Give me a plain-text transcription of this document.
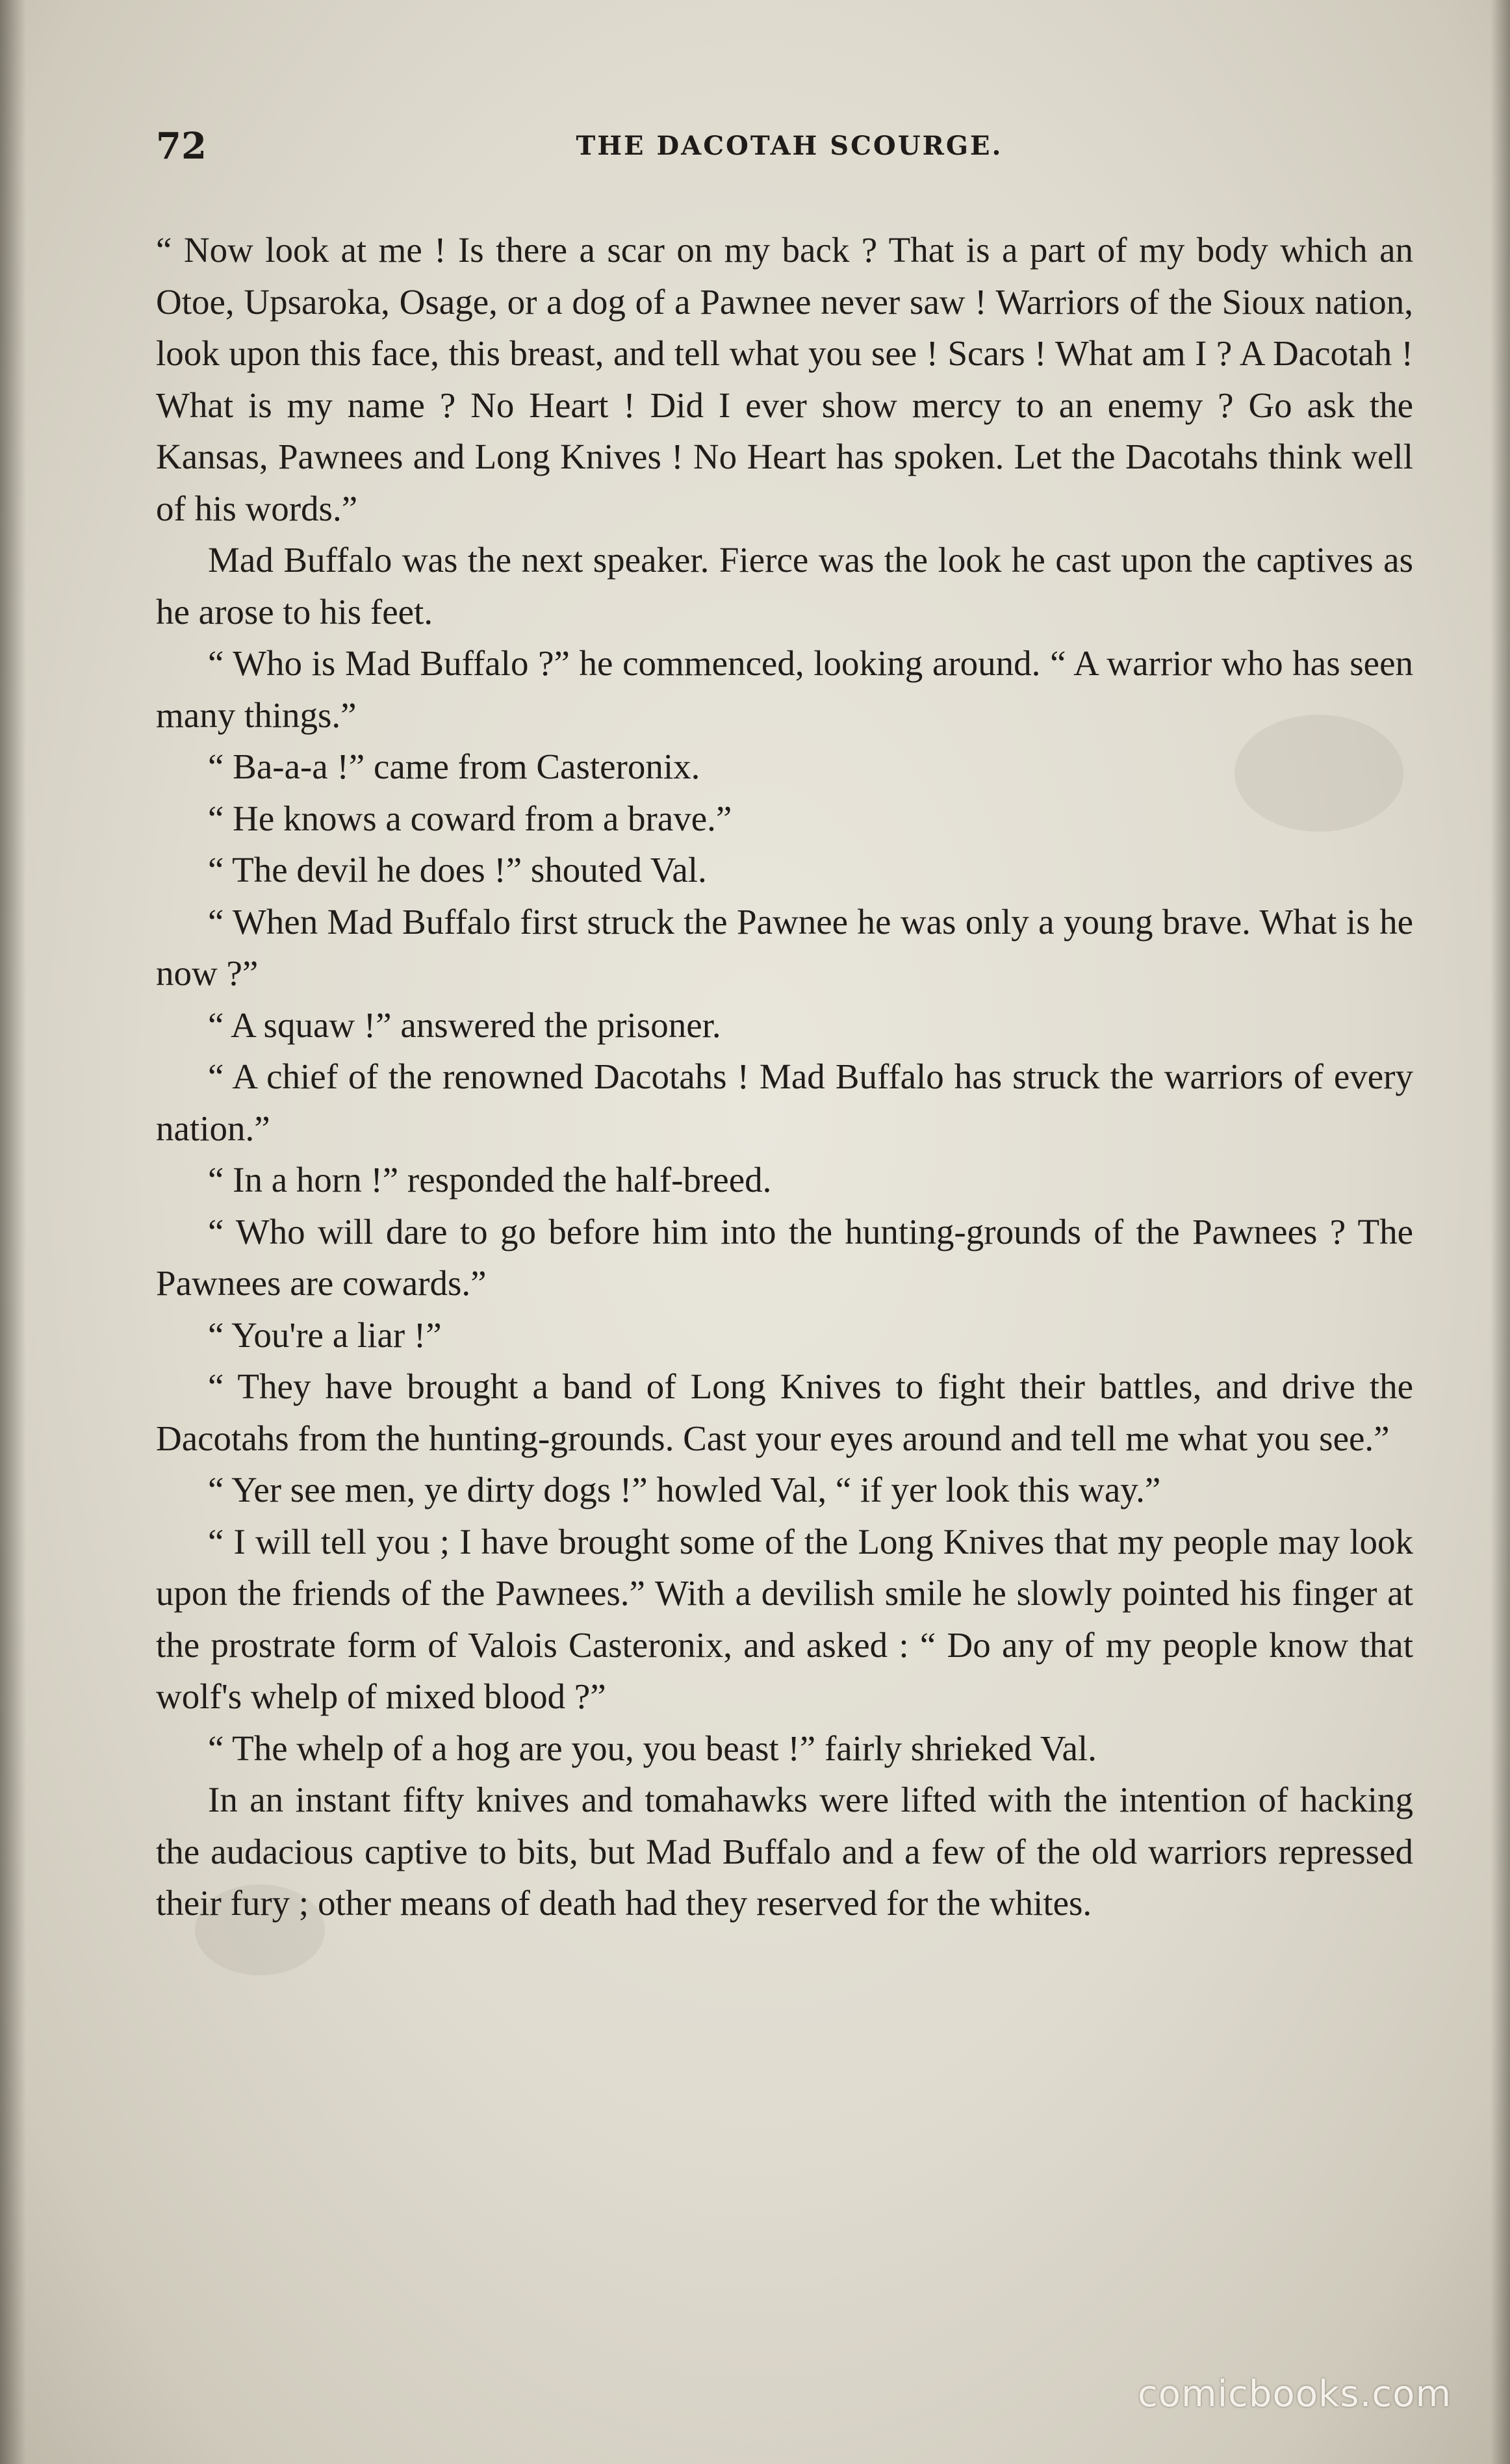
72	THE DACOTAH SCOURGE.

“ Now look at me ! Is there a scar on my back ? That is a part of my body which an Otoe, Upsaroka, Osage, or a dog of a Pawnee never saw ! Warriors of the Sioux nation, look upon this face, this breast, and tell what you see ! Scars ! What am I ? A Dacotah ! What is my name ? No Heart ! Did I ever show mercy to an enemy ? Go ask the Kansas, Pawnees and Long Knives ! No Heart has spoken. Let the Dacotahs think well of his words.”

Mad Buffalo was the next speaker. Fierce was the look he cast upon the captives as he arose to his feet.

“ Who is Mad Buffalo ?” he commenced, looking around. “ A warrior who has seen many things.”

“ Ba-a-a !” came from Casteronix.

“ He knows a coward from a brave.”

“ The devil he does !” shouted Val.

“ When Mad Buffalo first struck the Pawnee he was only a young brave. What is he now ?”

“ A squaw !” answered the prisoner.

“ A chief of the renowned Dacotahs ! Mad Buffalo has struck the warriors of every nation.”

“ In a horn !” responded the half-breed.

“ Who will dare to go before him into the hunting-grounds of the Pawnees ? The Pawnees are cowards.”

“ You're a liar !”

“ They have brought a band of Long Knives to fight their battles, and drive the Dacotahs from the hunting-grounds. Cast your eyes around and tell me what you see.”

“ Yer see men, ye dirty dogs !” howled Val, “ if yer look this way.”

“ I will tell you ; I have brought some of the Long Knives that my people may look upon the friends of the Pawnees.” With a devilish smile he slowly pointed his finger at the prostrate form of Valois Casteronix, and asked : “ Do any of my people know that wolf's whelp of mixed blood ?”

“ The whelp of a hog are you, you beast !” fairly shrieked Val.

In an instant fifty knives and tomahawks were lifted with the intention of hacking the audacious captive to bits, but Mad Buffalo and a few of the old warriors repressed their fury ; other means of death had they reserved for the whites.

comicbooks.com
